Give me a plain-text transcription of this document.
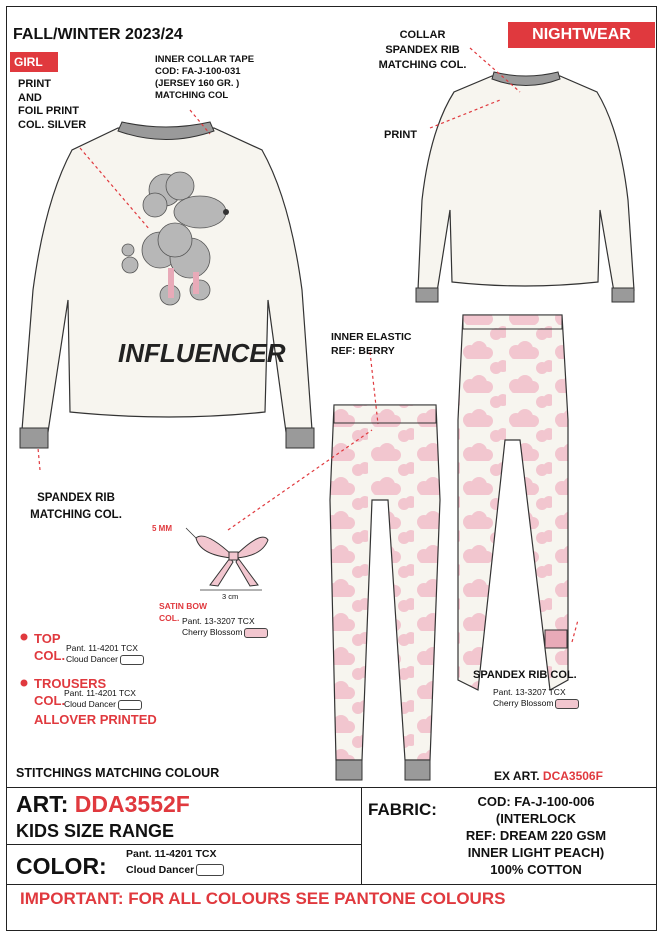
FALL/WINTER 2023/24	NIGHTWEAR
GIRL
PRINT
AND
FOIL PRINT
COL. SILVER
INNER COLLAR TAPE
COD: FA-J-100-031
(JERSEY 160 GR. )
MATCHING COL
COLLAR
SPANDEX RIB
MATCHING COL.
PRINT
INFLUENCER
INNER ELASTIC
REF: BERRY
SPANDEX RIB
MATCHING COL.
5 MM
3 cm
SATIN BOW
COL. Pant. 13-3207 TCX
Cherry Blossom
SPANDEX RIB COL.
Pant. 13-3207 TCX
Cherry Blossom
TOP
COL. Pant. 11-4201 TCX
Cloud Dancer
TROUSERS
COL.
Pant. 11-4201 TCX
Cloud Dancer
ALLOVER PRINTED
STITCHINGS MATCHING COLOUR	EX ART. DCA3506F
ART: DDA3552F
KIDS SIZE RANGE
COLOR: Pant. 11-4201 TCX
Cloud Dancer
FABRIC:	COD: FA-J-100-006
(INTERLOCK
REF: DREAM 220 GSM
INNER LIGHT PEACH)
100% COTTON
IMPORTANT: FOR ALL COLOURS SEE PANTONE COLOURS
